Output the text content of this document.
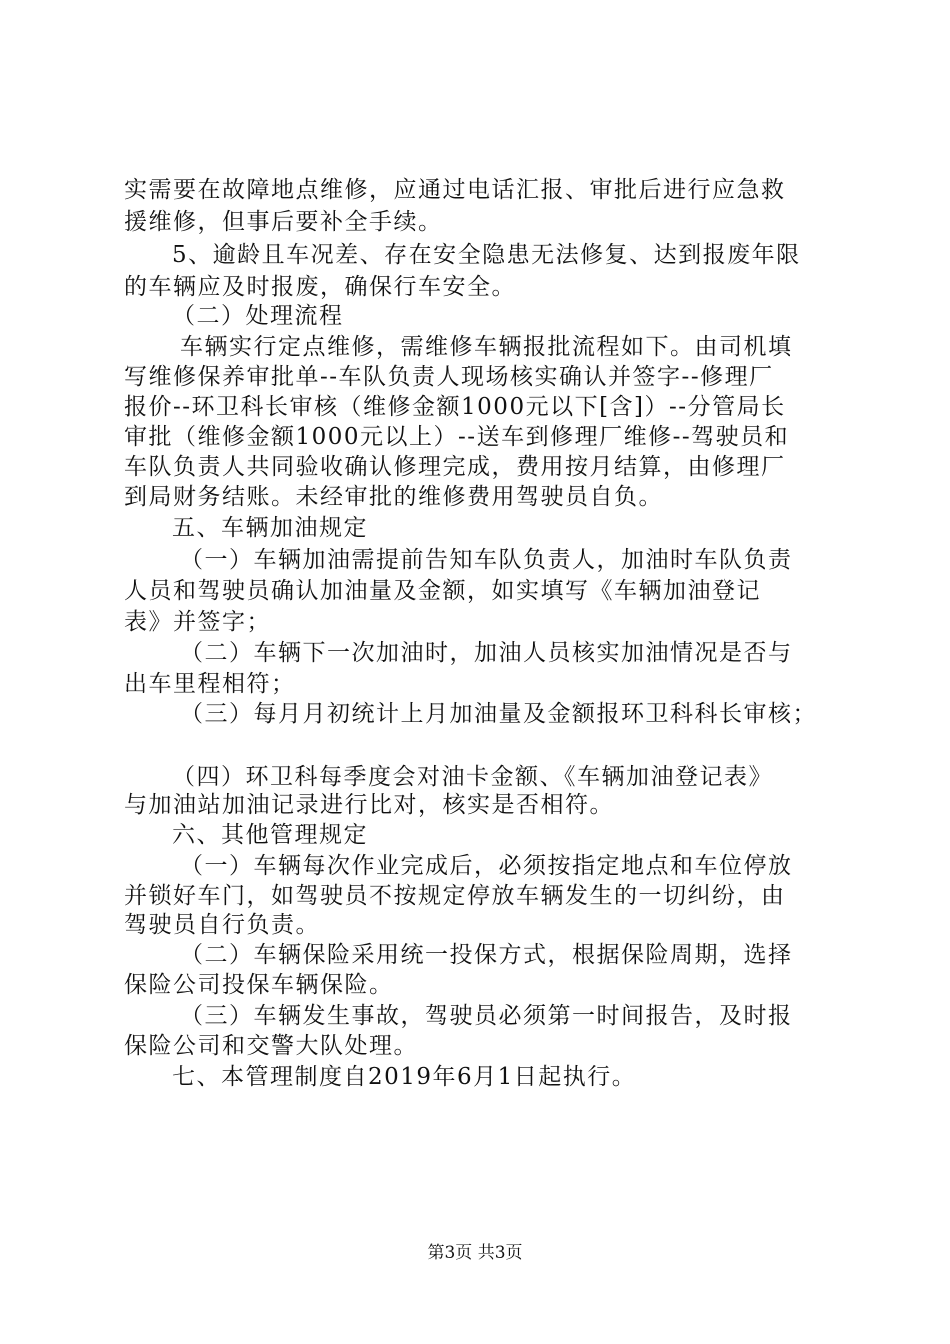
实需要在故障地点维修，应通过电话汇报、审批后进行应急救
援维修，但事后要补全手续。
5、逾龄且车况差、存在安全隐患无法修复、达到报废年限
的车辆应及时报废，确保行车安全。
（二）处理流程
车辆实行定点维修，需维修车辆报批流程如下。由司机填
写维修保养审批单--车队负责人现场核实确认并签字--修理厂
报价--环卫科长审核（维修金额1000元以下[含]）--分管局长
审批（维修金额1000元以上）--送车到修理厂维修--驾驶员和
车队负责人共同验收确认修理完成，费用按月结算，由修理厂
到局财务结账。未经审批的维修费用驾驶员自负。
五、车辆加油规定
（一）车辆加油需提前告知车队负责人，加油时车队负责
人员和驾驶员确认加油量及金额，如实填写《车辆加油登记
表》并签字；
（二）车辆下一次加油时，加油人员核实加油情况是否与
出车里程相符；
（三）每月月初统计上月加油量及金额报环卫科科长审核；
（四）环卫科每季度会对油卡金额、《车辆加油登记表》
与加油站加油记录进行比对，核实是否相符。
六、其他管理规定
（一）车辆每次作业完成后，必须按指定地点和车位停放
并锁好车门，如驾驶员不按规定停放车辆发生的一切纠纷，由
驾驶员自行负责。
（二）车辆保险采用统一投保方式，根据保险周期，选择
保险公司投保车辆保险。
（三）车辆发生事故，驾驶员必须第一时间报告，及时报
保险公司和交警大队处理。
七、本管理制度自2019年6月1日起执行。
第3页 共3页
